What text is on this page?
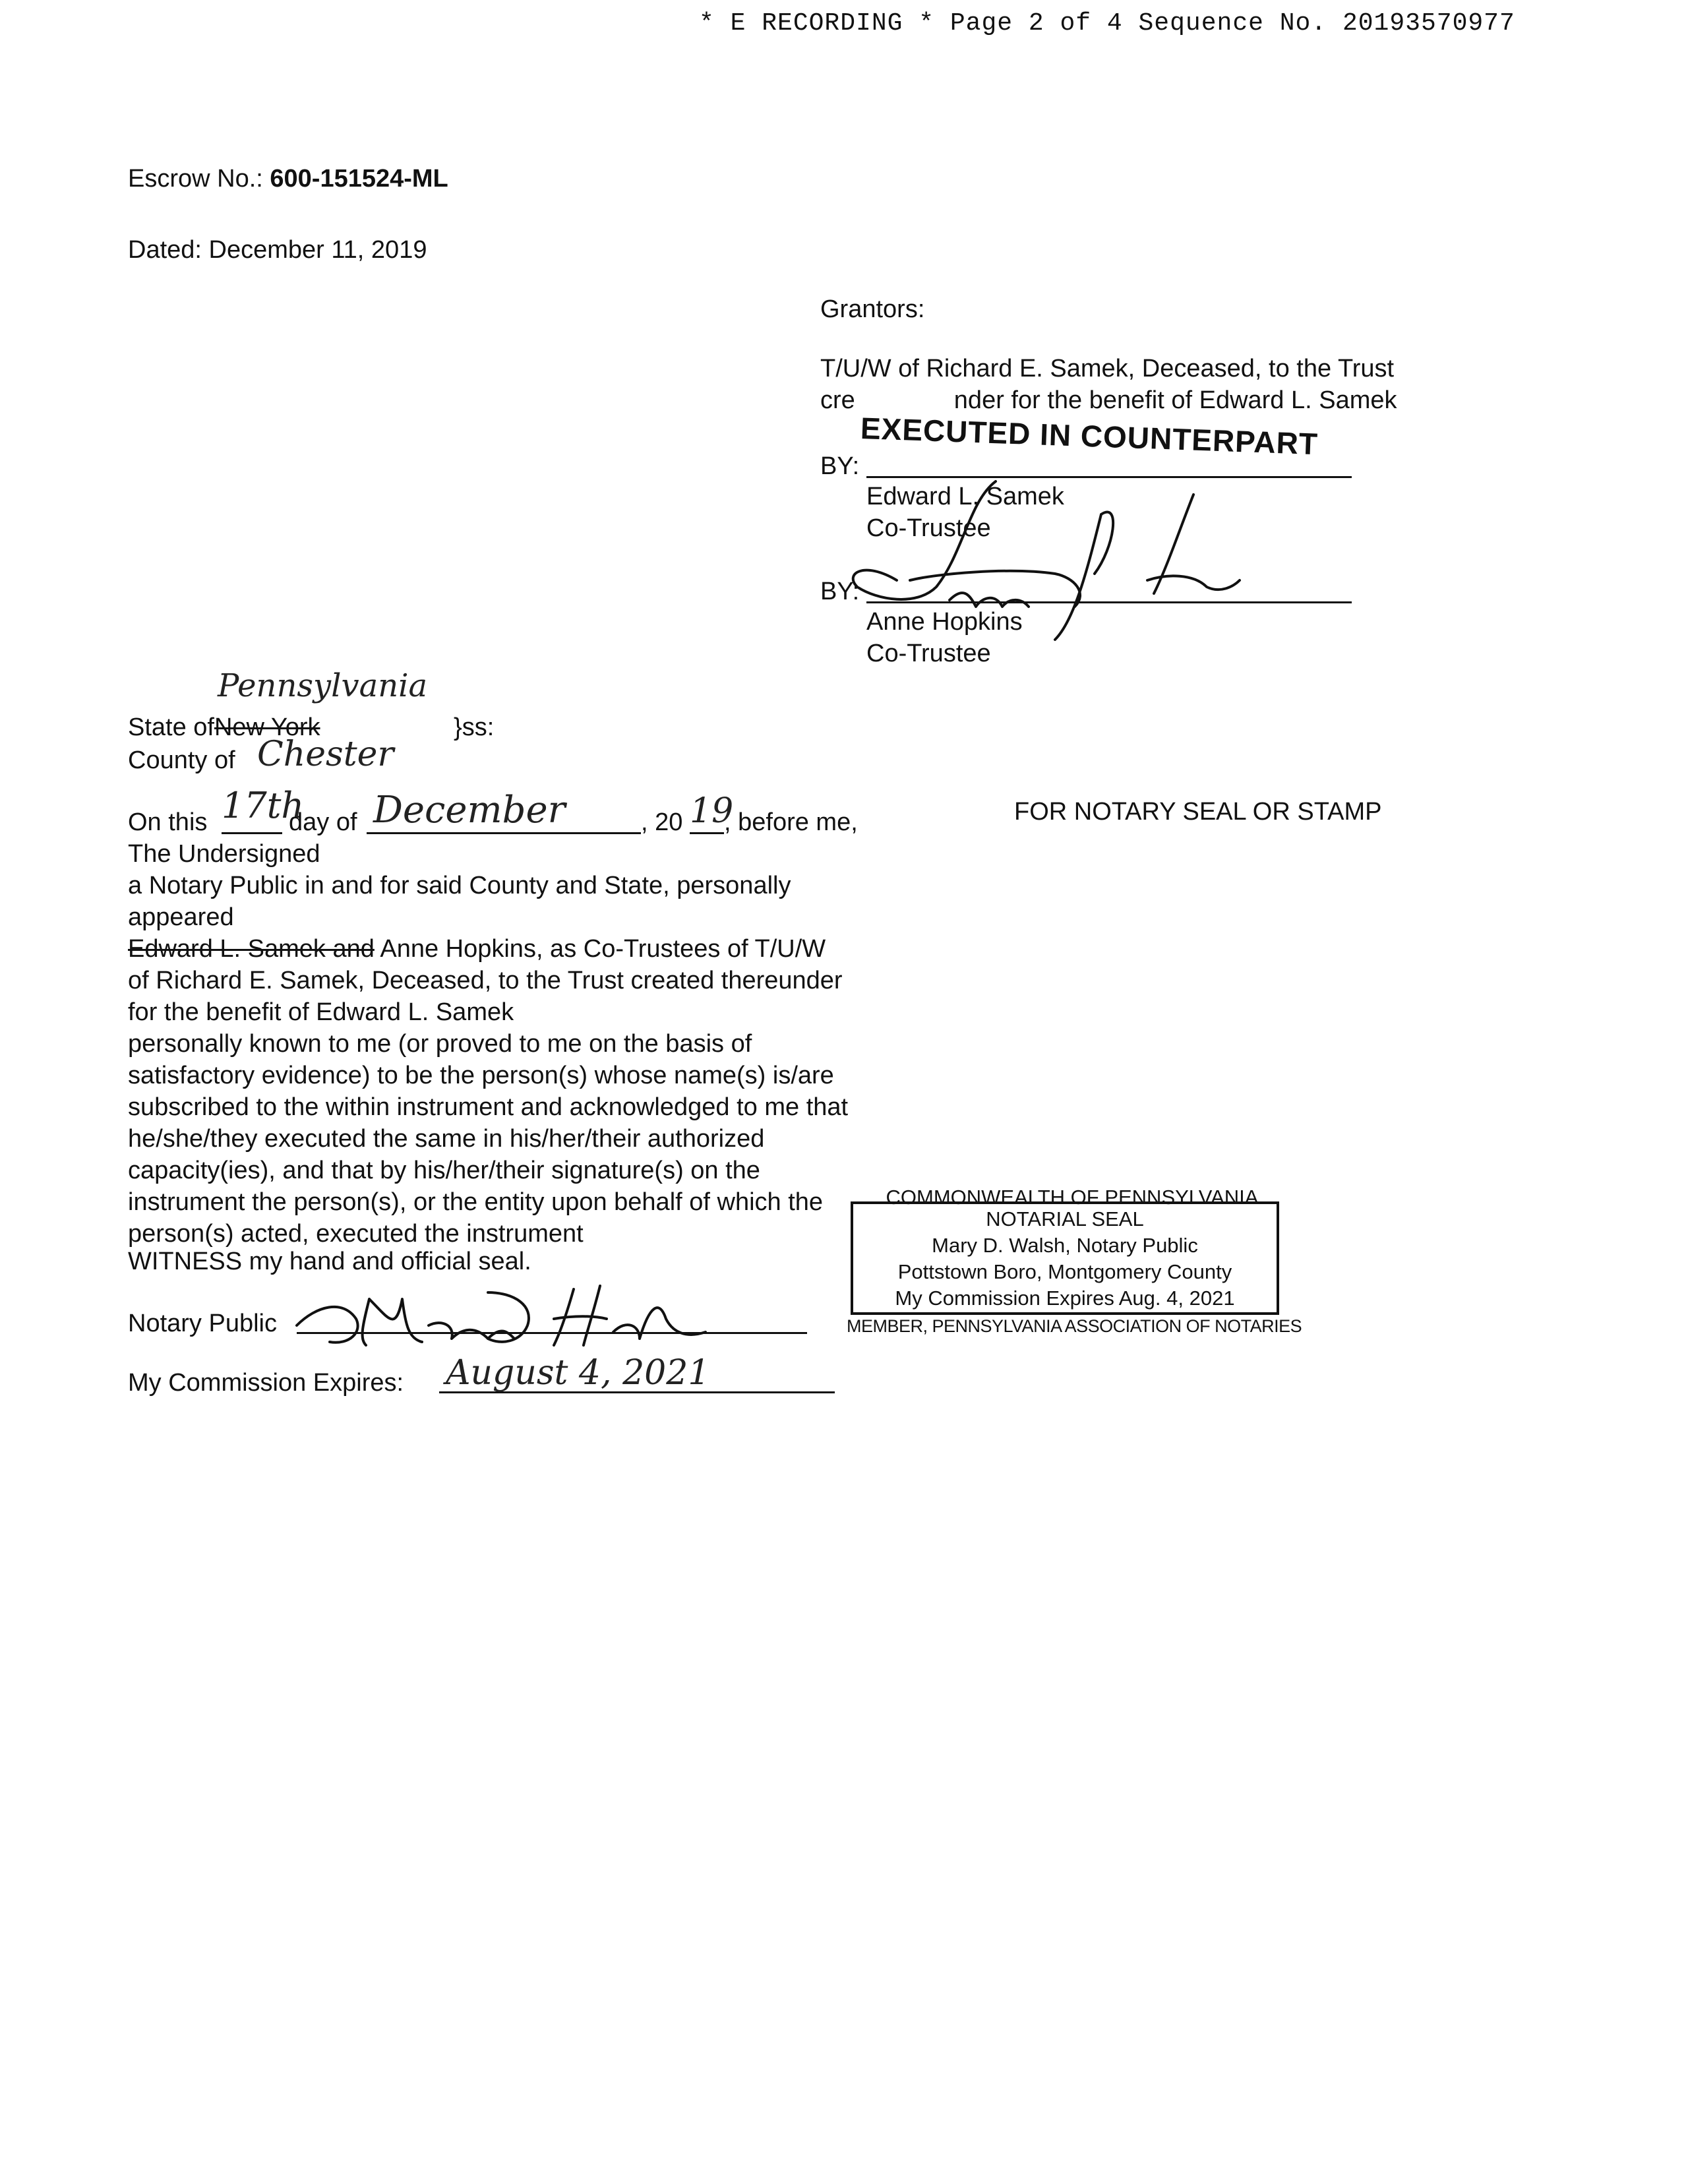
* E RECORDING * Page 2 of 4 Sequence No. 20193570977
Escrow No.: 600-151524-ML
Dated: December 11, 2019
Grantors:
T/U/W of Richard E. Samek, Deceased, to the Trust
cre	nder for the benefit of Edward L. Samek
EXECUTED IN COUNTERPART
BY:
Edward L. Samek
Co-Trustee
BY:
Anne Hopkins
Co-Trustee
Pennsylvania
State ofNew York	}ss:
County of Chester
On this 17th
day of December	, 20 19
, before me,	FOR NOTARY SEAL OR STAMP
The Undersigned
a Notary Public in and for said County and State, personally
appeared
Edward L. Samek and Anne Hopkins, as Co-Trustees of T/U/W
of Richard E. Samek, Deceased, to the Trust created thereunder
for the benefit of Edward L. Samek
personally known to me (or proved to me on the basis of
satisfactory evidence) to be the person(s) whose name(s) is/are
subscribed to the within instrument and acknowledged to me that
he/she/they executed the same in his/her/their authorized
capacity(ies), and that by his/her/their signature(s) on the
instrument the person(s), or the entity upon behalf of which the
person(s) acted, executed the instrument
WITNESS my hand and official seal.
COMMONWEALTH OF PENNSYLVANIA
NOTARIAL SEAL
Mary D. Walsh, Notary Public
Pottstown Boro, Montgomery County
My Commission Expires Aug. 4, 2021
MEMBER, PENNSYLVANIA ASSOCIATION OF NOTARIES
Notary Public
My Commission Expires: August 4, 2021
